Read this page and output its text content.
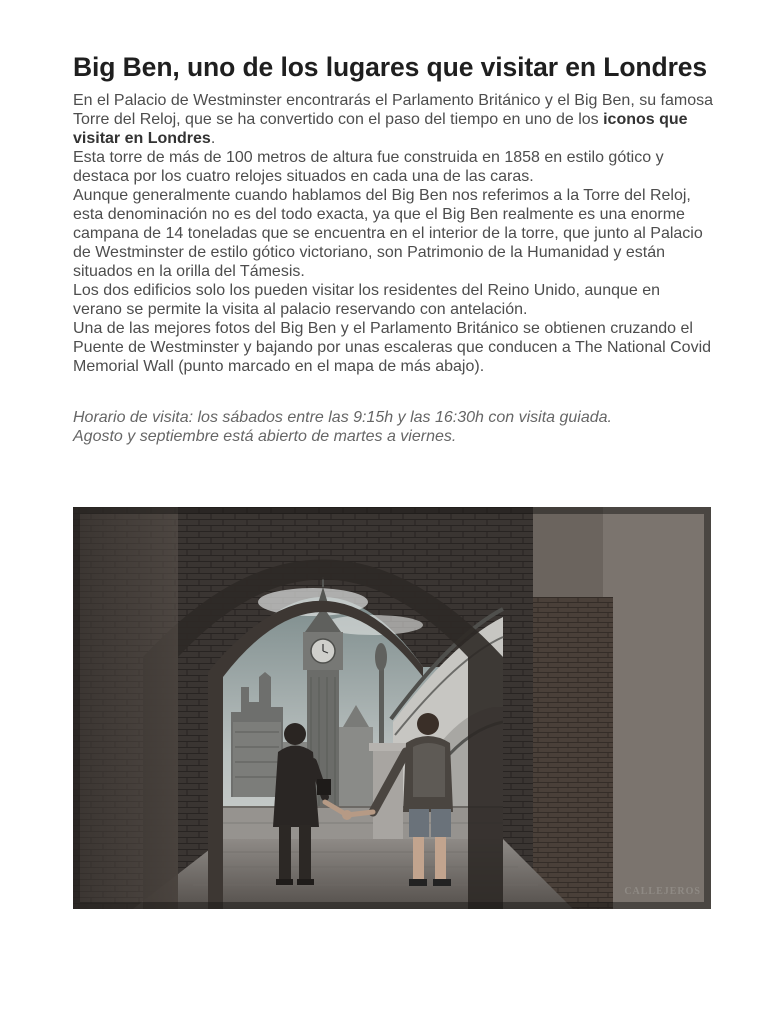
Big Ben, uno de los lugares que visitar en Londres

En el Palacio de Westminster encontrarás el Parlamento Británico y el Big Ben, su famosa Torre del Reloj, que se ha convertido con el paso del tiempo en uno de los iconos que visitar en Londres.

Esta torre de más de 100 metros de altura fue construida en 1858 en estilo gótico y destaca por los cuatro relojes situados en cada una de las caras.

Aunque generalmente cuando hablamos del Big Ben nos referimos a la Torre del Reloj, esta denominación no es del todo exacta, ya que el Big Ben realmente es una enorme campana de 14 toneladas que se encuentra en el interior de la torre, que junto al Palacio de Westminster de estilo gótico victoriano, son Patrimonio de la Humanidad y están situados en la orilla del Támesis.

Los dos edificios solo los pueden visitar los residentes del Reino Unido, aunque en verano se permite la visita al palacio reservando con antelación.

Una de las mejores fotos del Big Ben y el Parlamento Británico se obtienen cruzando el Puente de Westminster y bajando por unas escaleras que conducen a The National Covid Memorial Wall (punto marcado en el mapa de más abajo).

Horario de visita: los sábados entre las 9:15h y las 16:30h con visita guiada.

Agosto y septiembre está abierto de martes a viernes.

CALLEJEROS
